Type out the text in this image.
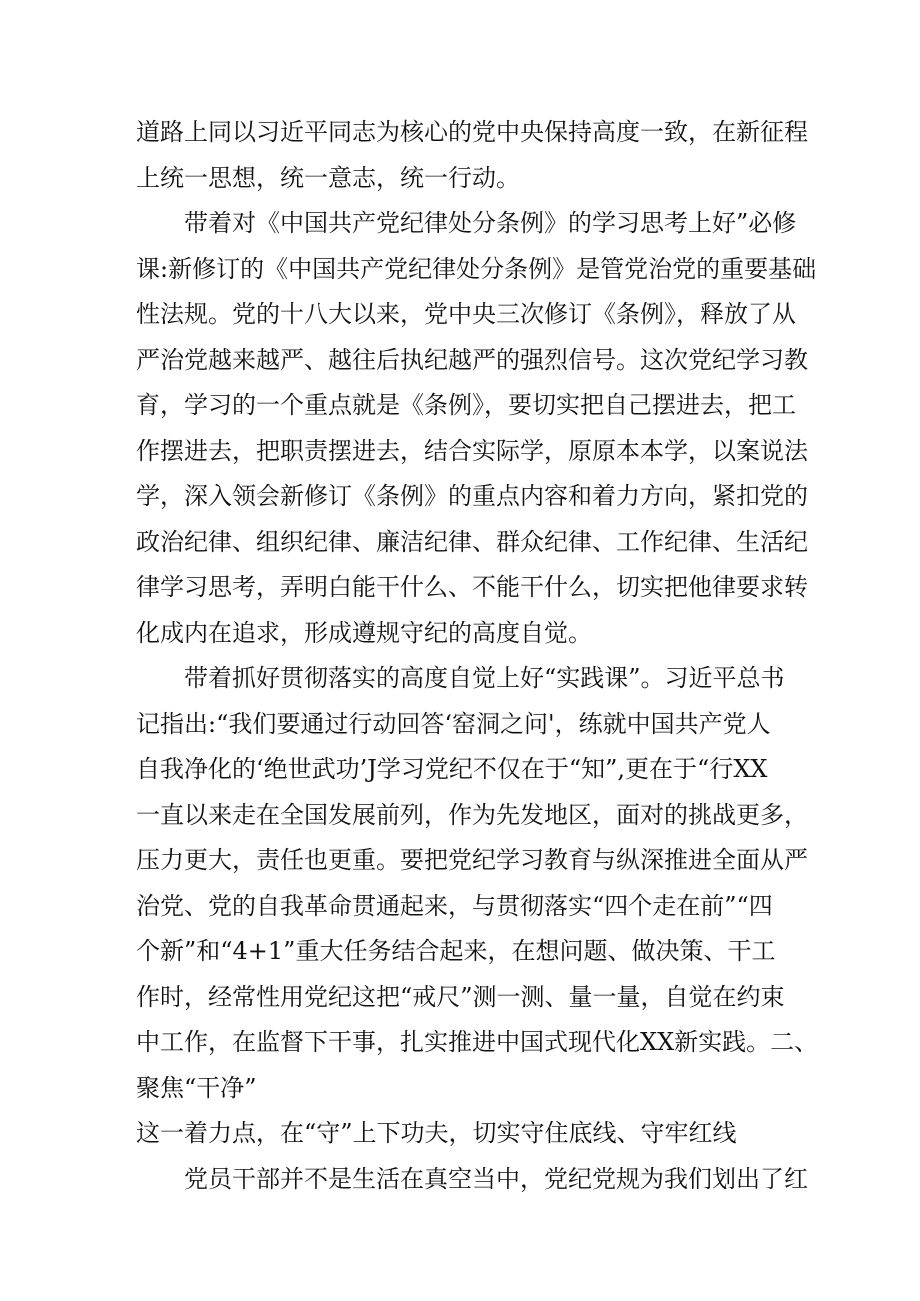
道路上同以习近平同志为核心的党中央保持高度一致，在新征程
上统一思想，统一意志，统一行动。
带着对《中国共产党纪律处分条例》的学习思考上好”必修
课:新修订的《中国共产党纪律处分条例》是管党治党的重要基础
性法规。党的十八大以来，党中央三次修订《条例》，释放了从
严治党越来越严、越往后执纪越严的强烈信号。这次党纪学习教
育，学习的一个重点就是《条例》，要切实把自己摆进去，把工
作摆进去，把职责摆进去，结合实际学，原原本本学，以案说法
学，深入领会新修订《条例》的重点内容和着力方向，紧扣党的
政治纪律、组织纪律、廉洁纪律、群众纪律、工作纪律、生活纪
律学习思考，弄明白能干什么、不能干什么，切实把他律要求转
化成内在追求，形成遵规守纪的高度自觉。
带着抓好贯彻落实的高度自觉上好“实践课”。习近平总书
记指出:“我们要通过行动回答‘窑洞之问'，练就中国共产党人
自我净化的‘绝世武功’J学习党纪不仅在于“知”,更在于“行XX
一直以来走在全国发展前列，作为先发地区，面对的挑战更多，
压力更大，责任也更重。要把党纪学习教育与纵深推进全面从严
治党、党的自我革命贯通起来，与贯彻落实“四个走在前”“四
个新”和“4+1”重大任务结合起来，在想问题、做决策、干工
作时，经常性用党纪这把“戒尺”测一测、量一量，自觉在约束
中工作，在监督下干事，扎实推进中国式现代化XX新实践。二、
聚焦“干净”
这一着力点，在“守”上下功夫，切实守住底线、守牢红线
党员干部并不是生活在真空当中，党纪党规为我们划出了红
